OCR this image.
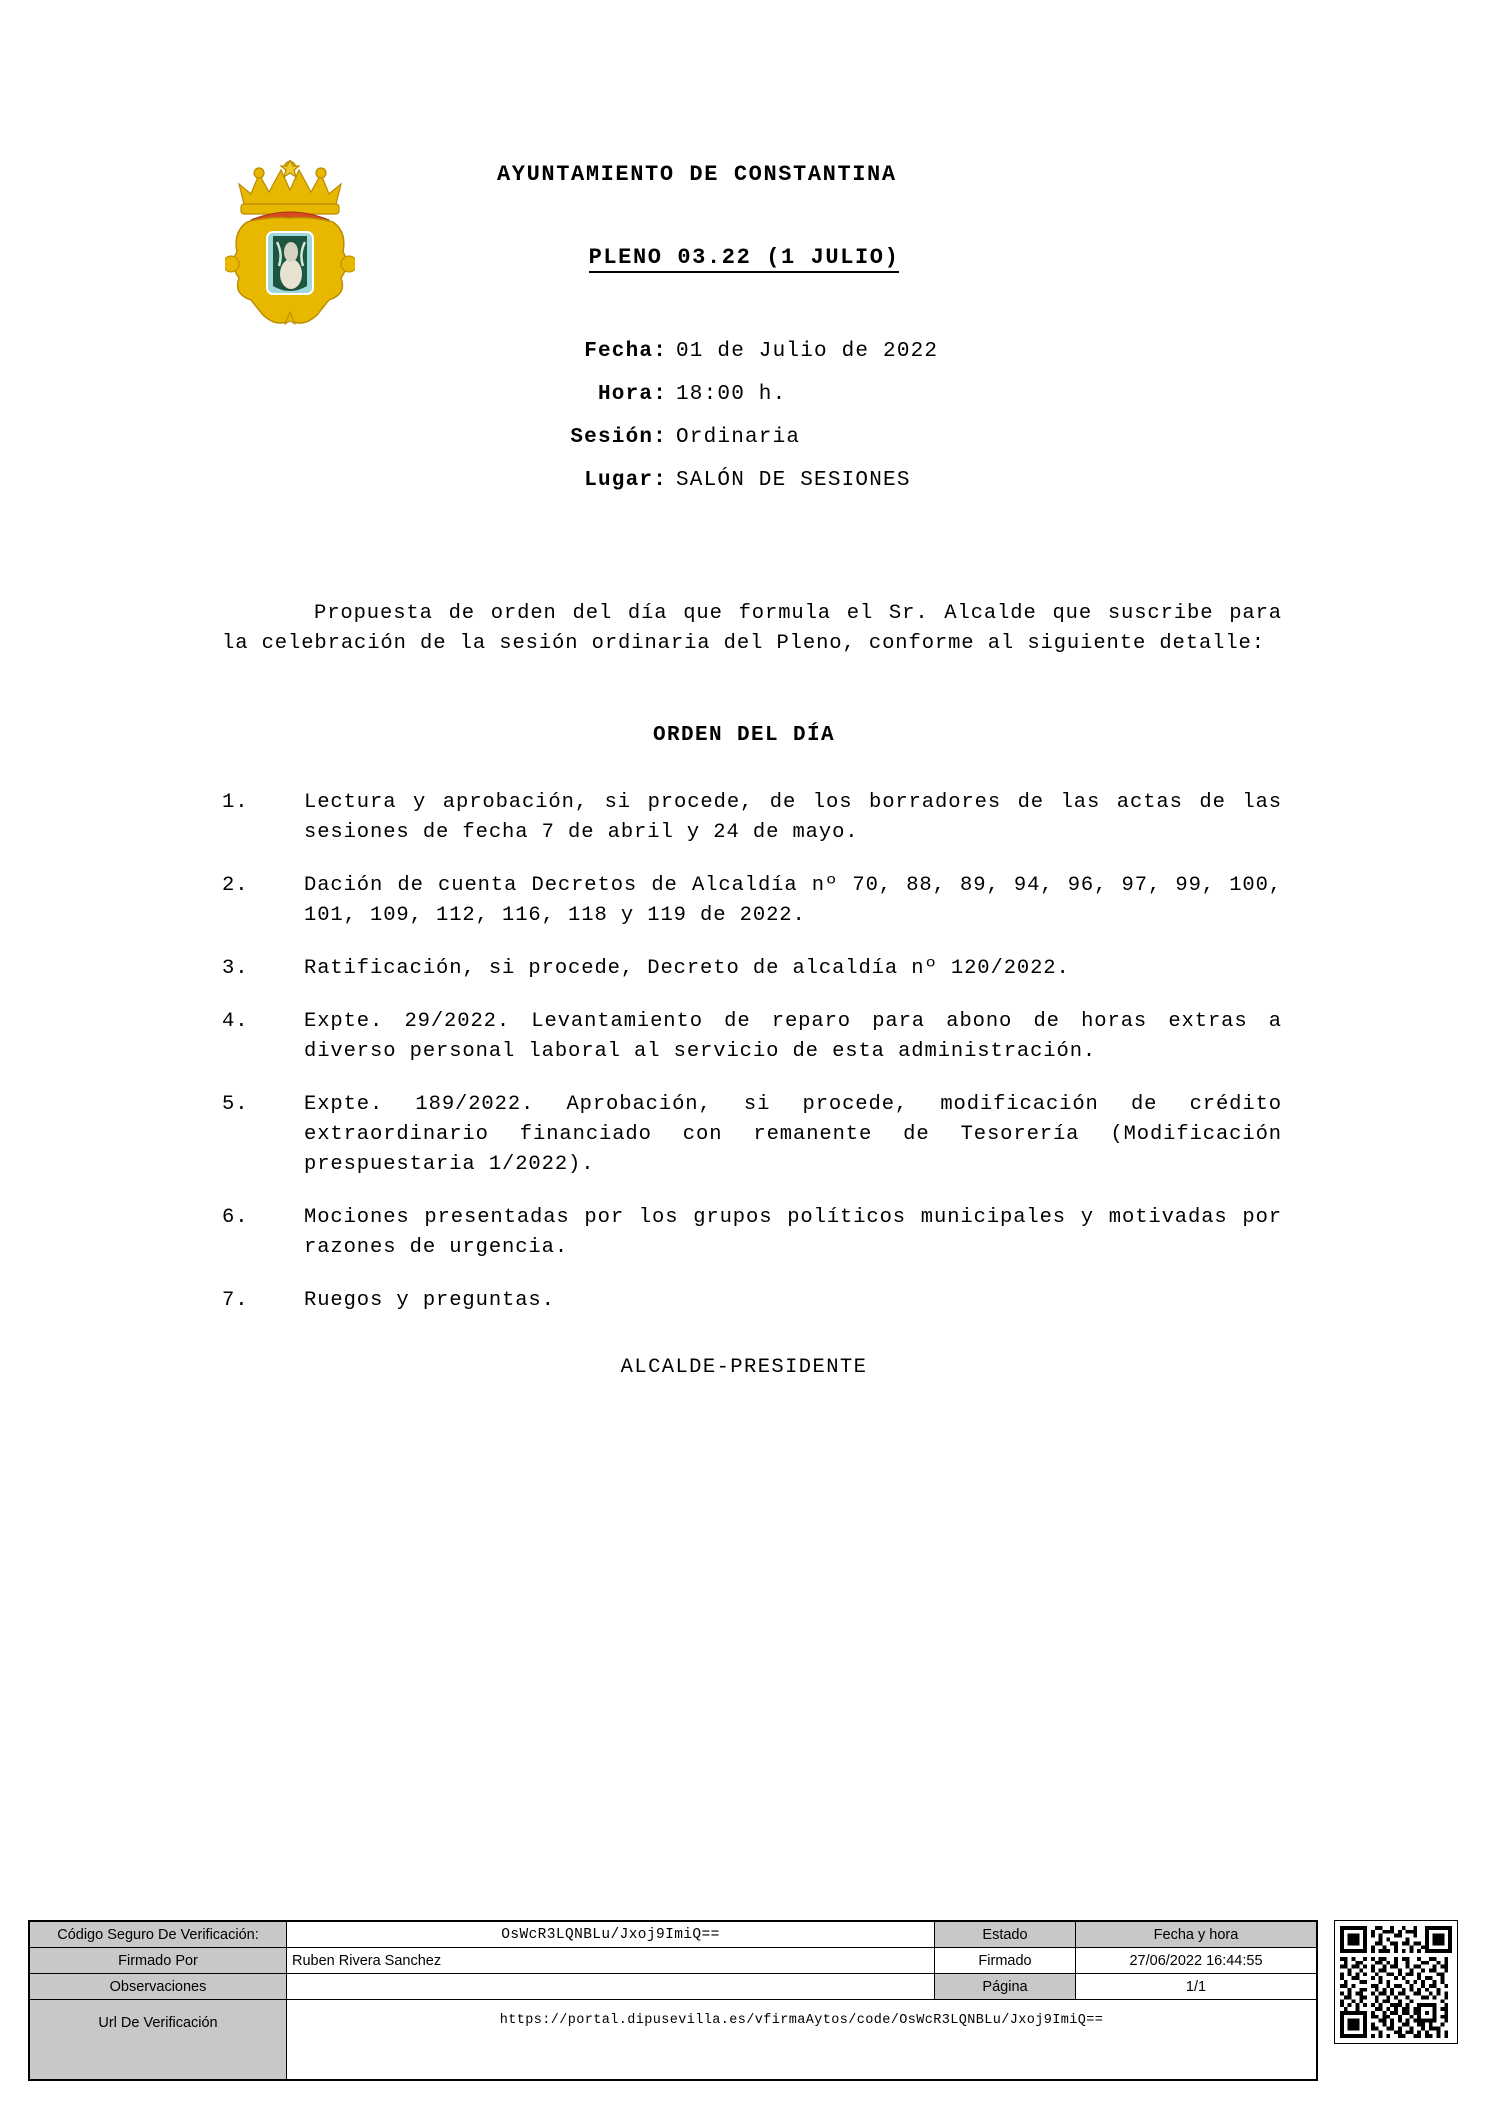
AYUNTAMIENTO DE CONSTANTINA
PLENO 03.22 (1 JULIO)
Fecha: 01 de Julio de 2022
Hora: 18:00 h.
Sesión: Ordinaria
Lugar: SALÓN DE SESIONES

Propuesta de orden del día que formula el Sr. Alcalde que suscribe para la celebración de la sesión ordinaria del Pleno, conforme al siguiente detalle:

ORDEN DEL DÍA
1.	Lectura y aprobación, si procede, de los borradores de las actas de las sesiones de fecha 7 de abril y 24 de mayo.
2.	Dación de cuenta Decretos de Alcaldía nº 70, 88, 89, 94, 96, 97, 99, 100, 101, 109, 112, 116, 118 y 119 de 2022.
3.	Ratificación, si procede, Decreto de alcaldía nº 120/2022.
4.	Expte. 29/2022. Levantamiento de reparo para abono de horas extras a diverso personal laboral al servicio de esta administración.
5.	Expte. 189/2022. Aprobación, si procede, modificación de crédito extraordinario financiado con remanente de Tesorería (Modificación prespuestaria 1/2022).
6.	Mociones presentadas por los grupos políticos municipales y motivadas por razones de urgencia.
7.	Ruegos y preguntas.
ALCALDE-PRESIDENTE
Código Seguro De Verificación:	OsWcR3LQNBLu/Jxoj9ImiQ==	Estado	Fecha y hora
Firmado Por	Ruben Rivera Sanchez	Firmado	27/06/2022 16:44:55
Observaciones		Página	1/1
Url De Verificación	https://portal.dipusevilla.es/vfirmaAytos/code/OsWcR3LQNBLu/Jxoj9ImiQ==		
